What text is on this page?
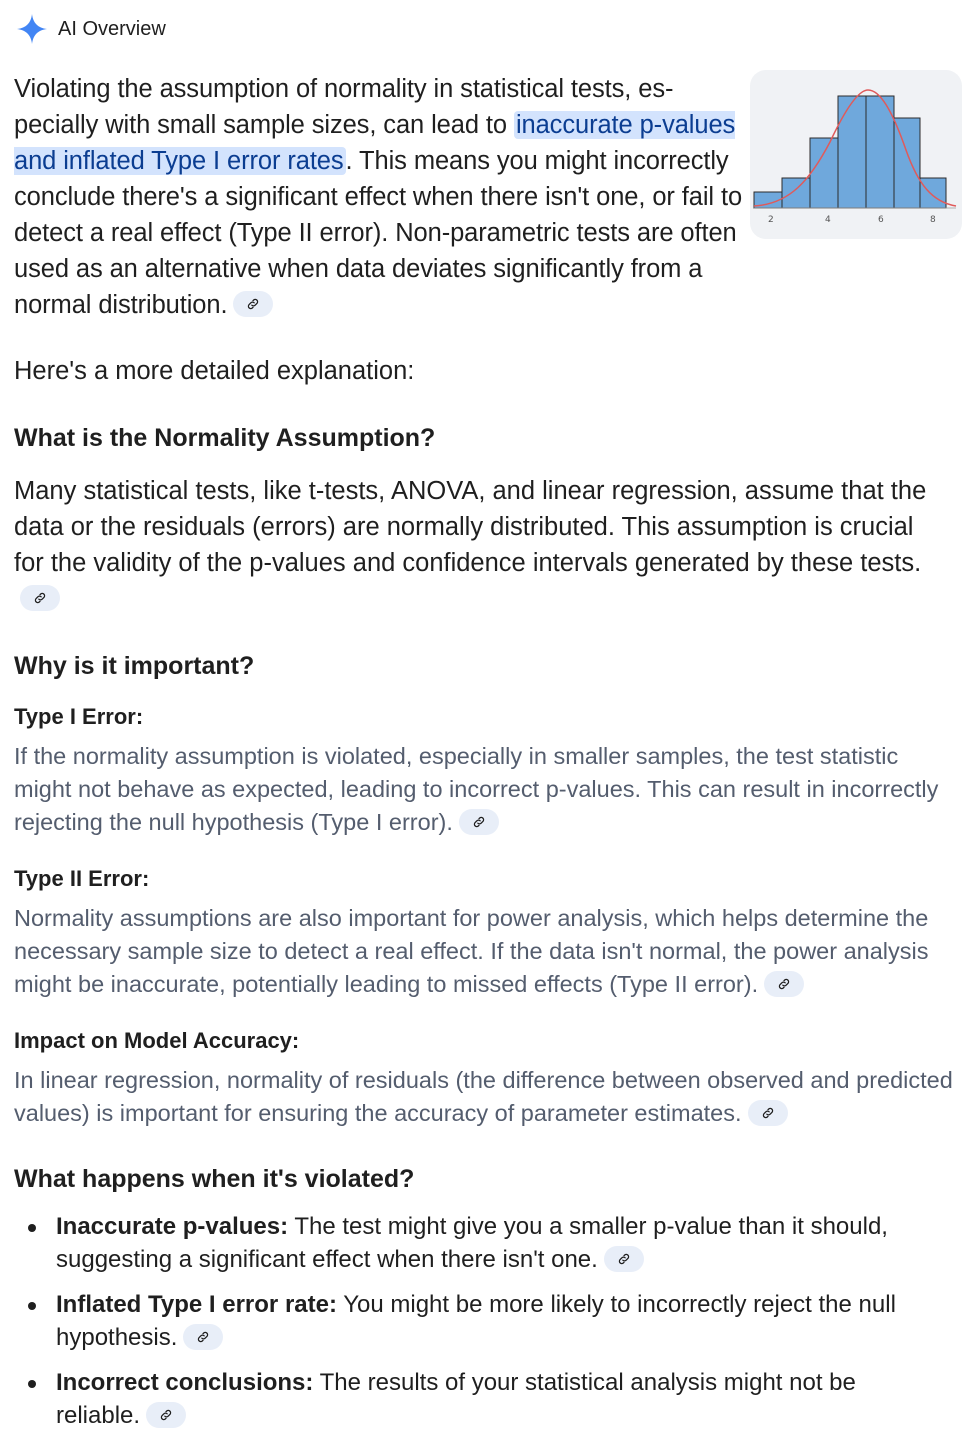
AI Overview
Violating the assumption of normality in statistical tests, es-pecially with small sample sizes, can lead to inaccurate p-values and inflated Type I error rates. This means you might incorrectly conclude there's a significant effect when there isn't one, or fail to detect a real effect (Type II error). Non-parametric tests are often used as an alternative when data deviates significantly from a normal distribution.
2	4	6	8
Here's a more detailed explanation:
What is the Normality Assumption?
Many statistical tests, like t-tests, ANOVA, and linear regression, assume that the data or the residuals (errors) are normally distributed. This assumption is crucial for the validity of the p-values and confidence intervals generated by these tests.
Why is it important?
Type I Error:
If the normality assumption is violated, especially in smaller samples, the test statistic might not behave as expected, leading to incorrect p-values. This can result in incorrectly rejecting the null hypothesis (Type I error).
Type II Error:
Normality assumptions are also important for power analysis, which helps determine the necessary sample size to detect a real effect. If the data isn't normal, the power analysis might be inaccurate, potentially leading to missed effects (Type II error).
Impact on Model Accuracy:
In linear regression, normality of residuals (the difference between observed and predicted values) is important for ensuring the accuracy of parameter estimates.
What happens when it's violated?
Inaccurate p-values: The test might give you a smaller p-value than it should, suggesting a significant effect when there isn't one.
Inflated Type I error rate: You might be more likely to incorrectly reject the null hypothesis.
Incorrect conclusions: The results of your statistical analysis might not be reliable.
